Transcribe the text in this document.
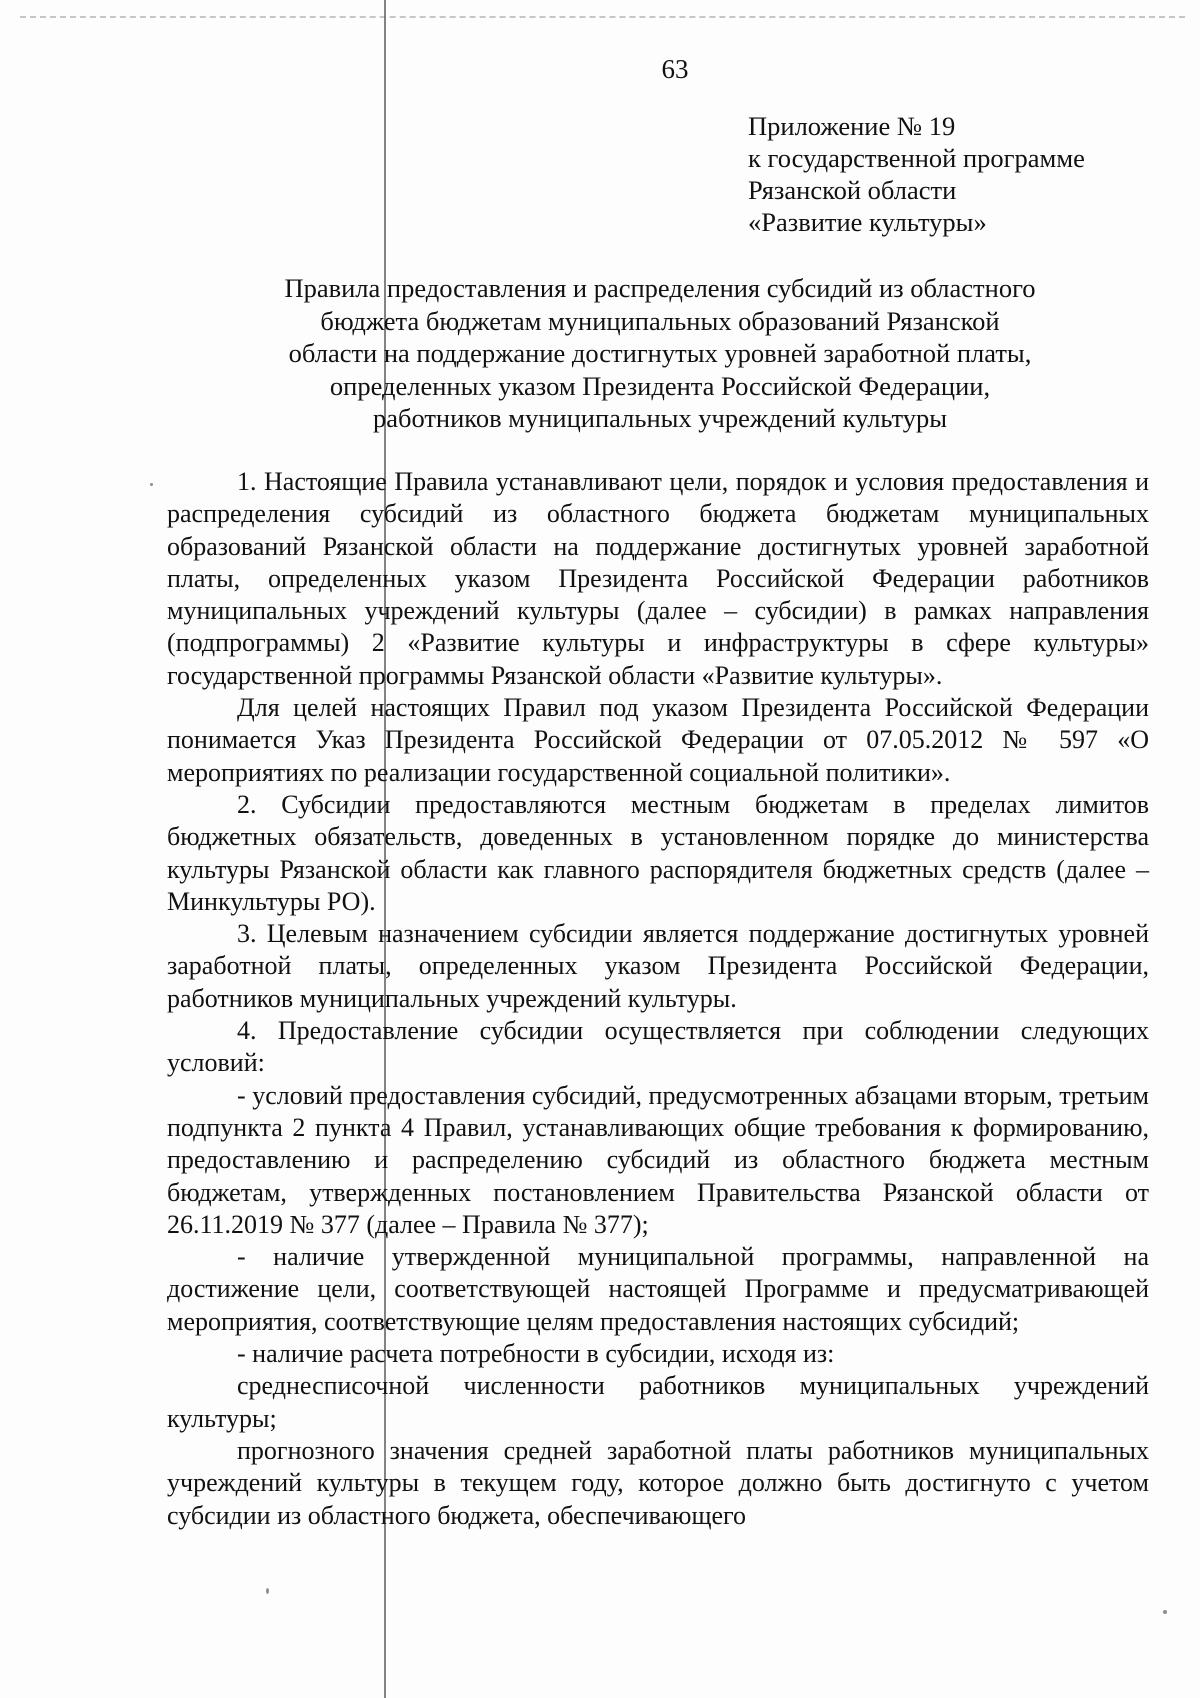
63
Приложение № 19
к государственной программе
Рязанской области
«Развитие культуры»
Правила предоставления и распределения субсидий из областного
бюджета бюджетам муниципальных образований Рязанской
области на поддержание достигнутых уровней заработной платы,
определенных указом Президента Российской Федерации,
работников муниципальных учреждений культуры

1. Настоящие Правила устанавливают цели, порядок и условия предоставления и распределения субсидий из областного бюджета бюджетам муниципальных образований Рязанской области на поддержание достигнутых уровней заработной платы, определенных указом Президента Российской Федерации работников муниципальных учреждений культуры (далее – субсидии) в рамках направления (подпрограммы) 2 «Развитие культуры и инфраструктуры в сфере культуры» государственной программы Рязанской области «Развитие культуры».

Для целей настоящих Правил под указом Президента Российской Федерации понимается Указ Президента Российской Федерации от 07.05.2012 № 597 «О мероприятиях по реализации государственной социальной политики».

2. Субсидии предоставляются местным бюджетам в пределах лимитов бюджетных обязательств, доведенных в установленном порядке до министерства культуры Рязанской области как главного распорядителя бюджетных средств (далее – Минкультуры РО).

3. Целевым назначением субсидии является поддержание достигнутых уровней заработной платы, определенных указом Президента Российской Федерации, работников муниципальных учреждений культуры.

4. Предоставление субсидии осуществляется при соблюдении следующих условий:

- условий предоставления субсидий, предусмотренных абзацами вторым, третьим подпункта 2 пункта 4 Правил, устанавливающих общие требования к формированию, предоставлению и распределению субсидий из областного бюджета местным бюджетам, утвержденных постановлением Правительства Рязанской области от 26.11.2019 № 377 (далее – Правила № 377);

- наличие утвержденной муниципальной программы, направленной на достижение цели, соответствующей настоящей Программе и предусматривающей мероприятия, соответствующие целям предоставления настоящих субсидий;

- наличие расчета потребности в субсидии, исходя из:

среднесписочной численности работников муниципальных учреждений культуры;

прогнозного значения средней заработной платы работников муниципальных учреждений культуры в текущем году, которое должно быть достигнуто с учетом субсидии из областного бюджета, обеспечивающего
